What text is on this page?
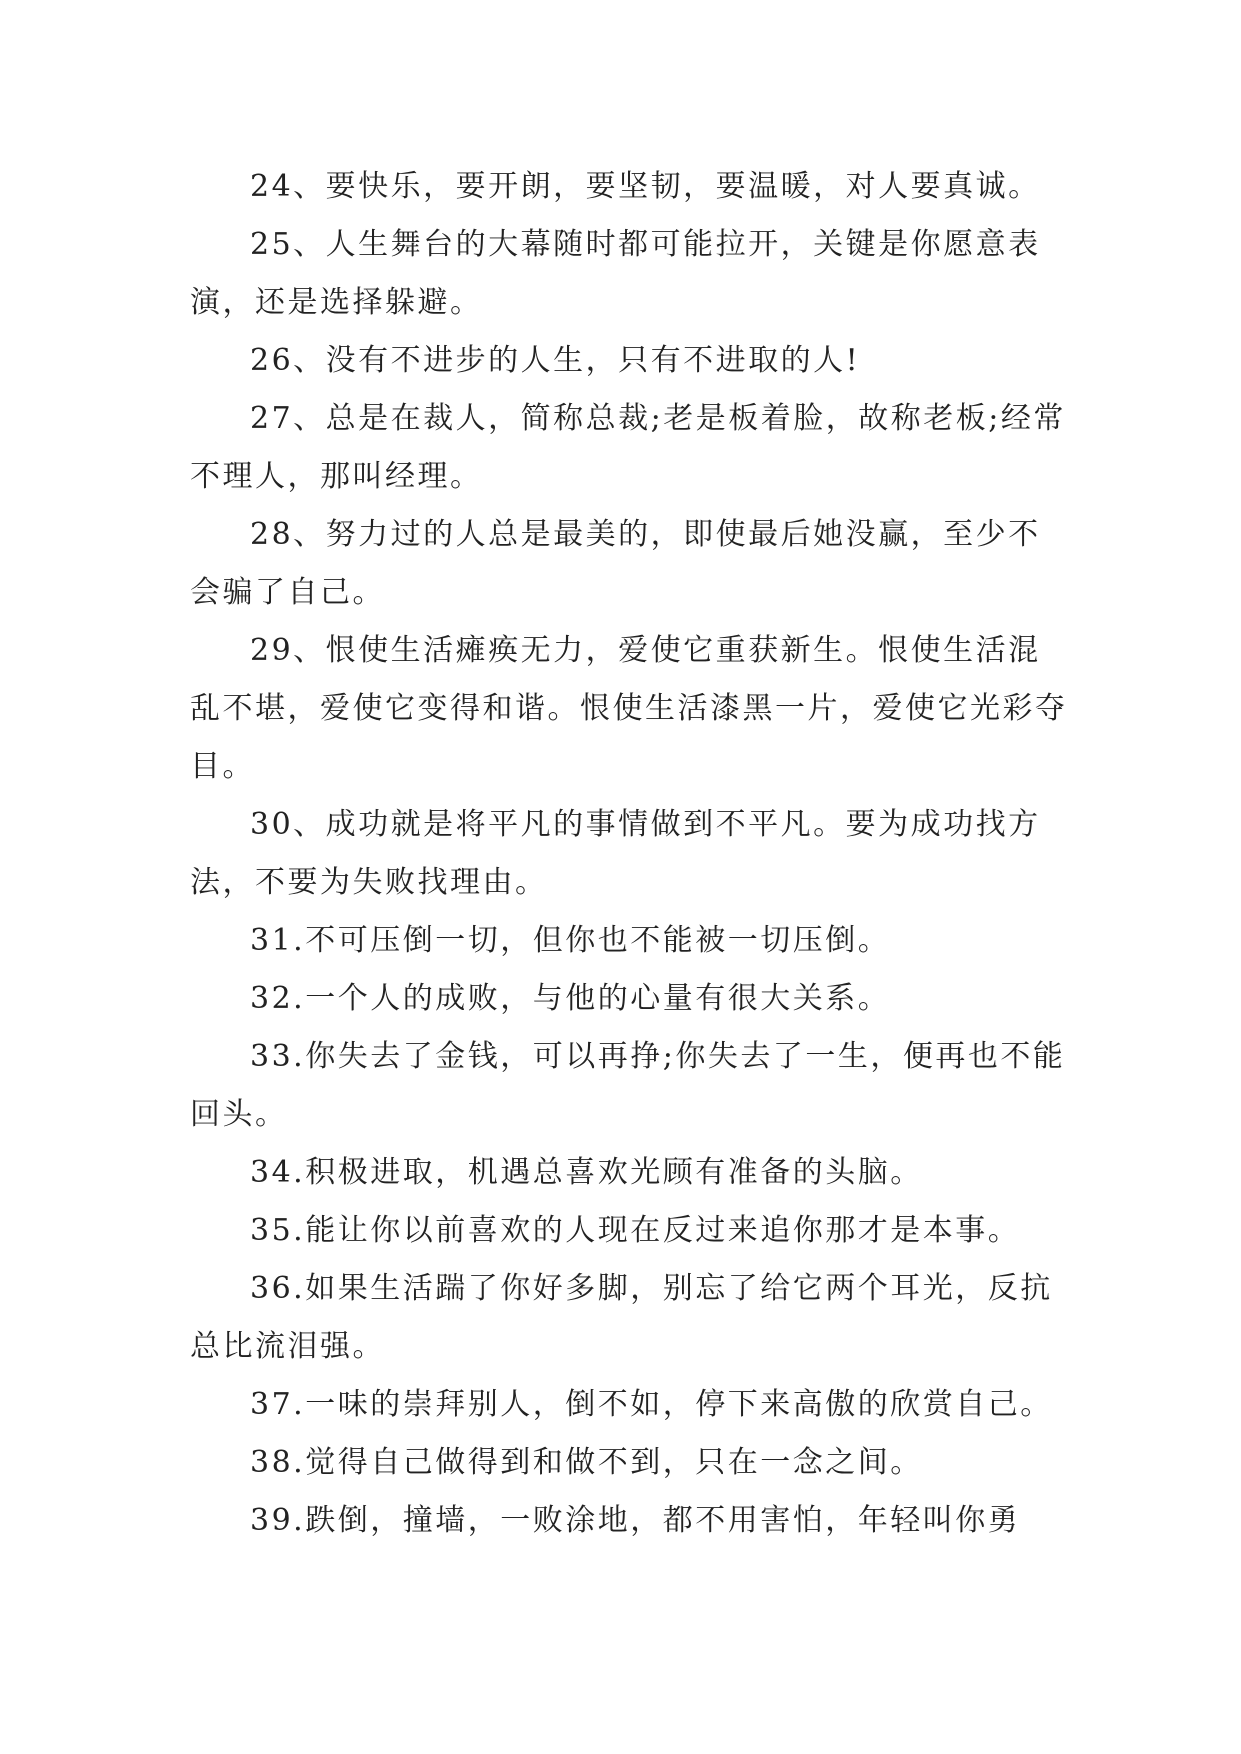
24、要快乐，要开朗，要坚韧，要温暖，对人要真诚。

25、人生舞台的大幕随时都可能拉开，关键是你愿意表演，还是选择躲避。

26、没有不进步的人生，只有不进取的人!

27、总是在裁人，简称总裁;老是板着脸，故称老板;经常不理人，那叫经理。

28、努力过的人总是最美的，即使最后她没赢，至少不会骗了自己。

29、恨使生活瘫痪无力，爱使它重获新生。恨使生活混乱不堪，爱使它变得和谐。恨使生活漆黑一片，爱使它光彩夺目。

30、成功就是将平凡的事情做到不平凡。要为成功找方法，不要为失败找理由。

31.不可压倒一切，但你也不能被一切压倒。

32.一个人的成败，与他的心量有很大关系。

33.你失去了金钱，可以再挣;你失去了一生，便再也不能回头。

34.积极进取，机遇总喜欢光顾有准备的头脑。

35.能让你以前喜欢的人现在反过来追你那才是本事。

36.如果生活踹了你好多脚，别忘了给它两个耳光，反抗总比流泪强。

37.一味的崇拜别人，倒不如，停下来高傲的欣赏自己。

38.觉得自己做得到和做不到，只在一念之间。

39.跌倒，撞墙，一败涂地，都不用害怕，年轻叫你勇
